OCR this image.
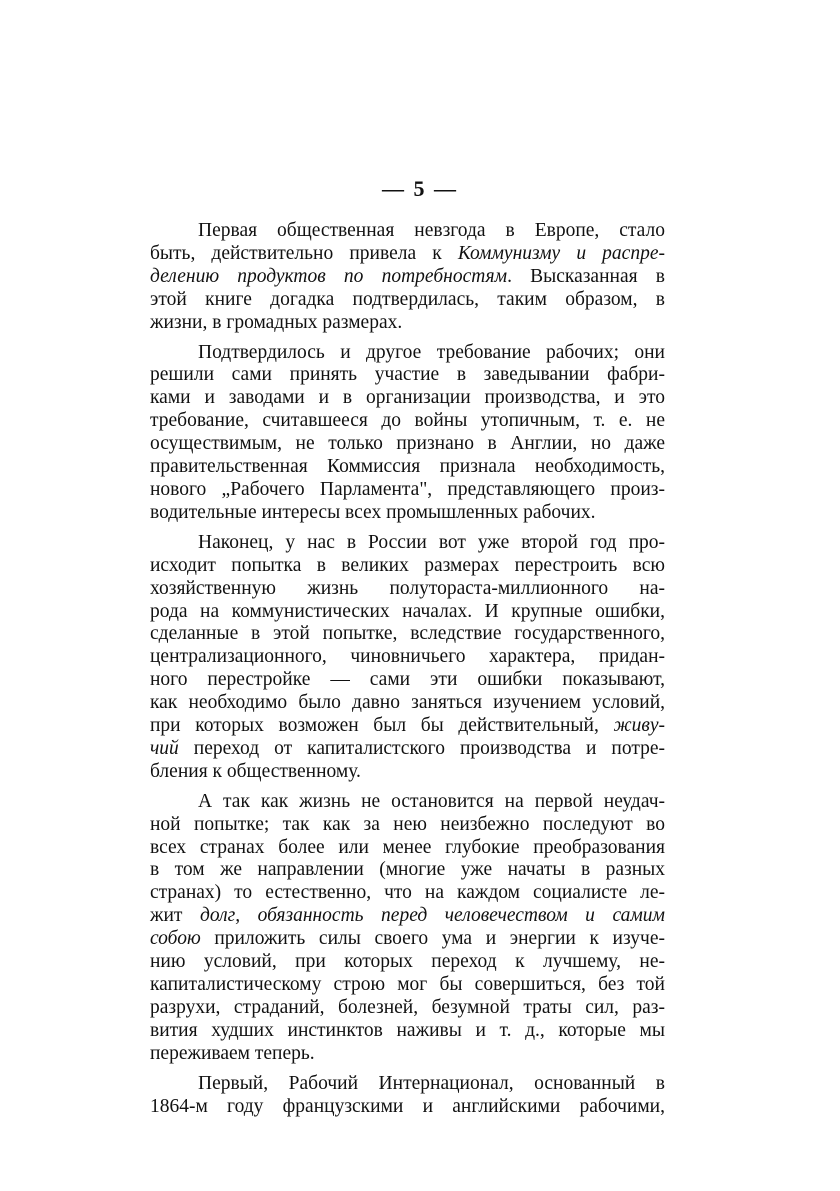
— 5 —
Первая общественная невзгода в Европе, стало
быть, действительно привела к Коммунизму и распре-
делению продуктов по потребностям. Высказанная в
этой книге догадка подтвердилась, таким образом, в
жизни, в громадных размерах.
Подтвердилось и другое требование рабочих; они
решили сами принять участие в заведывании фабри-
ками и заводами и в организации производства, и это
требование, считавшееся до войны утопичным, т. е. не
осуществимым, не только признано в Англии, но даже
правительственная Коммиссия признала необходимость,
нового „Рабочего Парламента", представляющего произ-
водительные интересы всех промышленных рабочих.
Наконец, у нас в России вот уже второй год про-
исходит попытка в великих размерах перестроить всю
хозяйственную жизнь полутораста-миллионного на-
рода на коммунистических началах. И крупные ошибки,
сделанные в этой попытке, вследствие государственного,
централизационного, чиновничьего характера, придан-
ного перестройке — сами эти ошибки показывают,
как необходимо было давно заняться изучением условий,
при которых возможен был бы действительный, живу-
чий переход от капиталистского производства и потре-
бления к общественному.
А так как жизнь не остановится на первой неудач-
ной попытке; так как за нею неизбежно последуют во
всех странах более или менее глубокие преобразования
в том же направлении (многие уже начаты в разных
странах) то естественно, что на каждом социалисте ле-
жит долг, обязанность перед человечеством и самим
собою приложить силы своего ума и энергии к изуче-
нию условий, при которых переход к лучшему, не-
капиталистическому строю мог бы совершиться, без той
разрухи, страданий, болезней, безумной траты сил, раз-
вития худших инстинктов наживы и т. д., которые мы
переживаем теперь.
Первый, Рабочий Интернационал, основанный в
1864-м году французскими и английскими рабочими,
